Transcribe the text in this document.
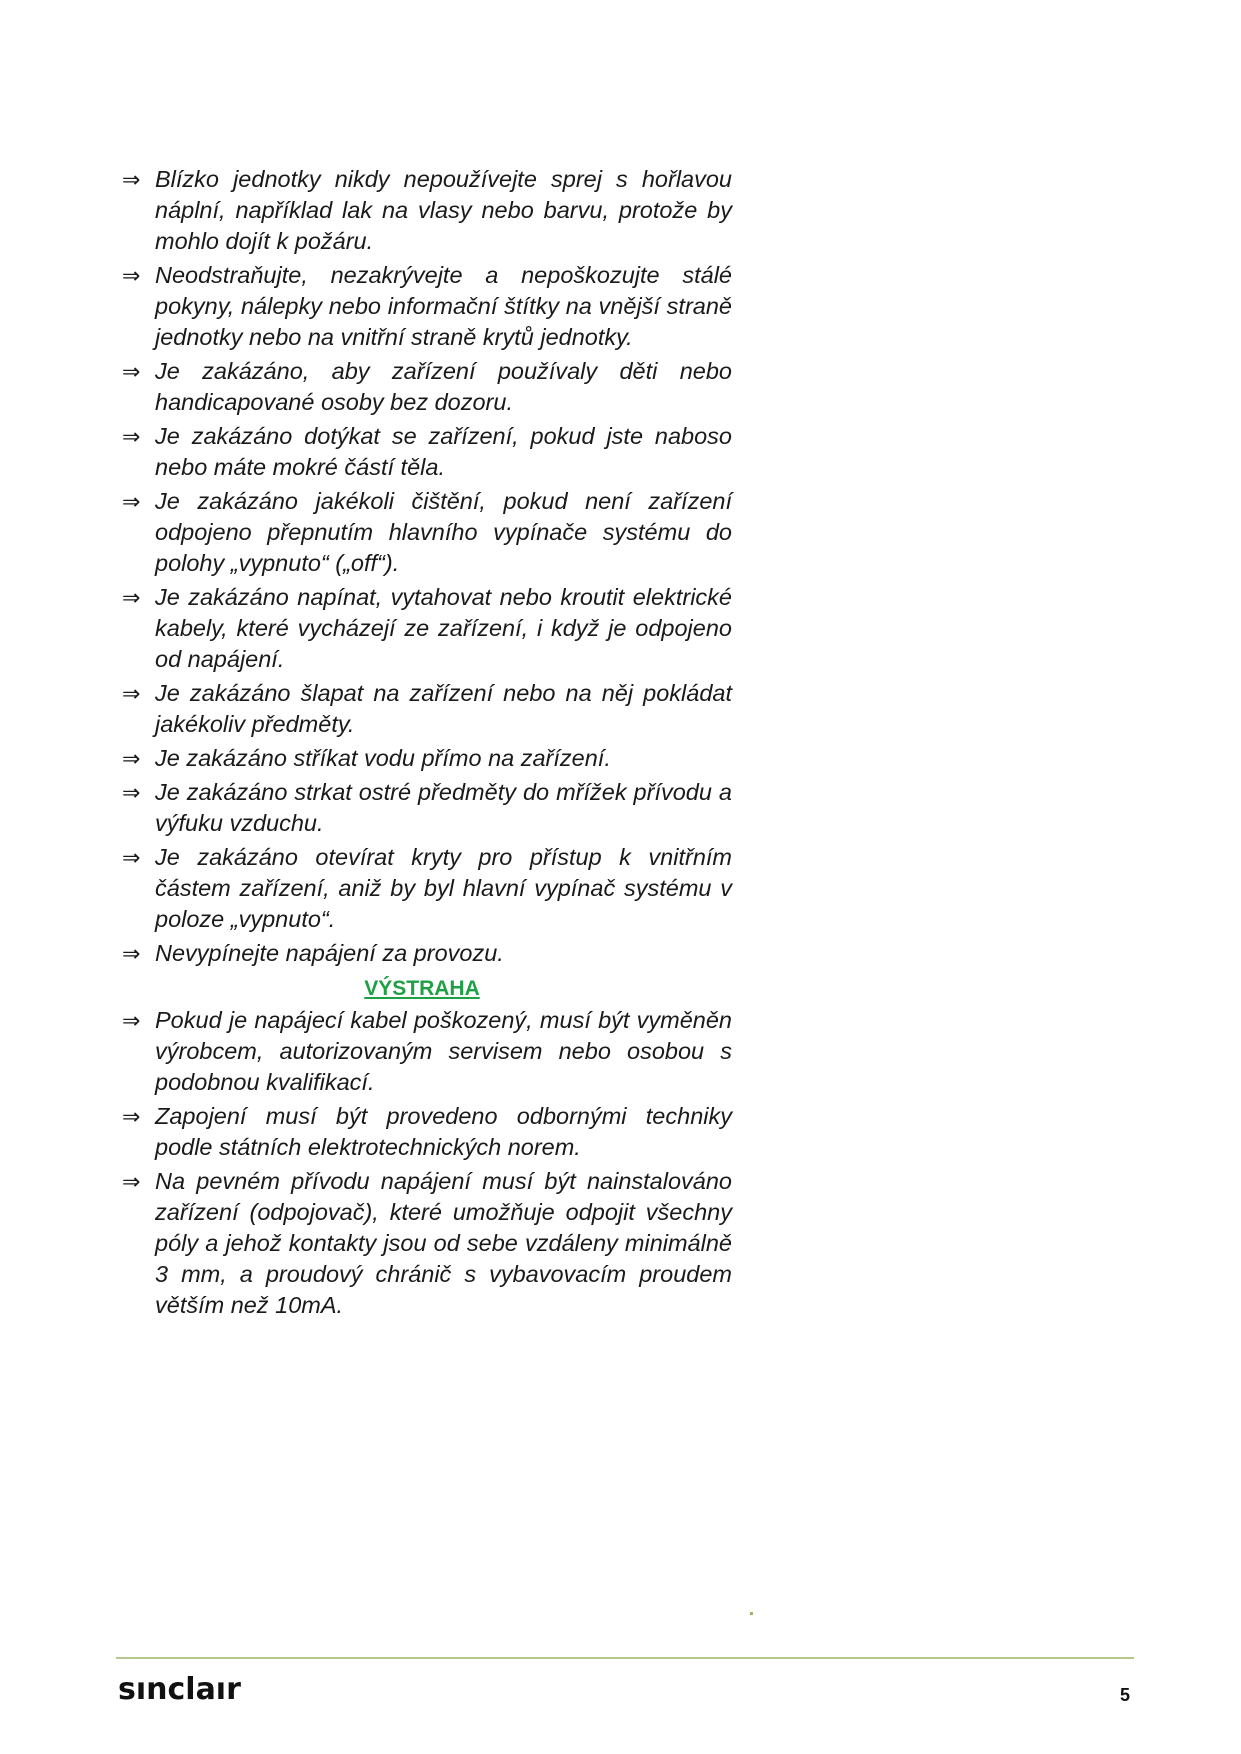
⇒ Blízko jednotky nikdy nepoužívejte sprej s hořlavou náplní, například lak na vlasy nebo barvu, protože by mohlo dojít k požáru.
⇒ Neodstraňujte, nezakrývejte a nepoškozujte stálé pokyny, nálepky nebo informační štítky na vnější straně jednotky nebo na vnitřní straně krytů jednotky.
⇒ Je zakázáno, aby zařízení používaly děti nebo handicapované osoby bez dozoru.
⇒ Je zakázáno dotýkat se zařízení, pokud jste naboso nebo máte mokré částí těla.
⇒ Je zakázáno jakékoli čištění, pokud není zařízení odpojeno přepnutím hlavního vypínače systému do polohy „vypnuto“ („off“).
⇒ Je zakázáno napínat, vytahovat nebo kroutit elektrické kabely, které vycházejí ze zařízení, i když je odpojeno od napájení.
⇒ Je zakázáno šlapat na zařízení nebo na něj pokládat jakékoliv předměty.
⇒ Je zakázáno stříkat vodu přímo na zařízení.
⇒ Je zakázáno strkat ostré předměty do mřížek přívodu a výfuku vzduchu.
⇒ Je zakázáno otevírat kryty pro přístup k vnitřním částem zařízení, aniž by byl hlavní vypínač systému v poloze „vypnuto“.
⇒ Nevypínejte napájení za provozu.
VÝSTRAHA
⇒ Pokud je napájecí kabel poškozený, musí být vyměněn výrobcem, autorizovaným servisem nebo osobou s podobnou kvalifikací.
⇒ Zapojení musí být provedeno odbornými techniky podle státních elektrotechnických norem.
⇒ Na pevném přívodu napájení musí být nainstalováno zařízení (odpojovač), které umožňuje odpojit všechny póly a jehož kontakty jsou od sebe vzdáleny minimálně 3 mm, a proudový chránič s vybavovacím proudem větším než 10mA.
sınclaır	5
